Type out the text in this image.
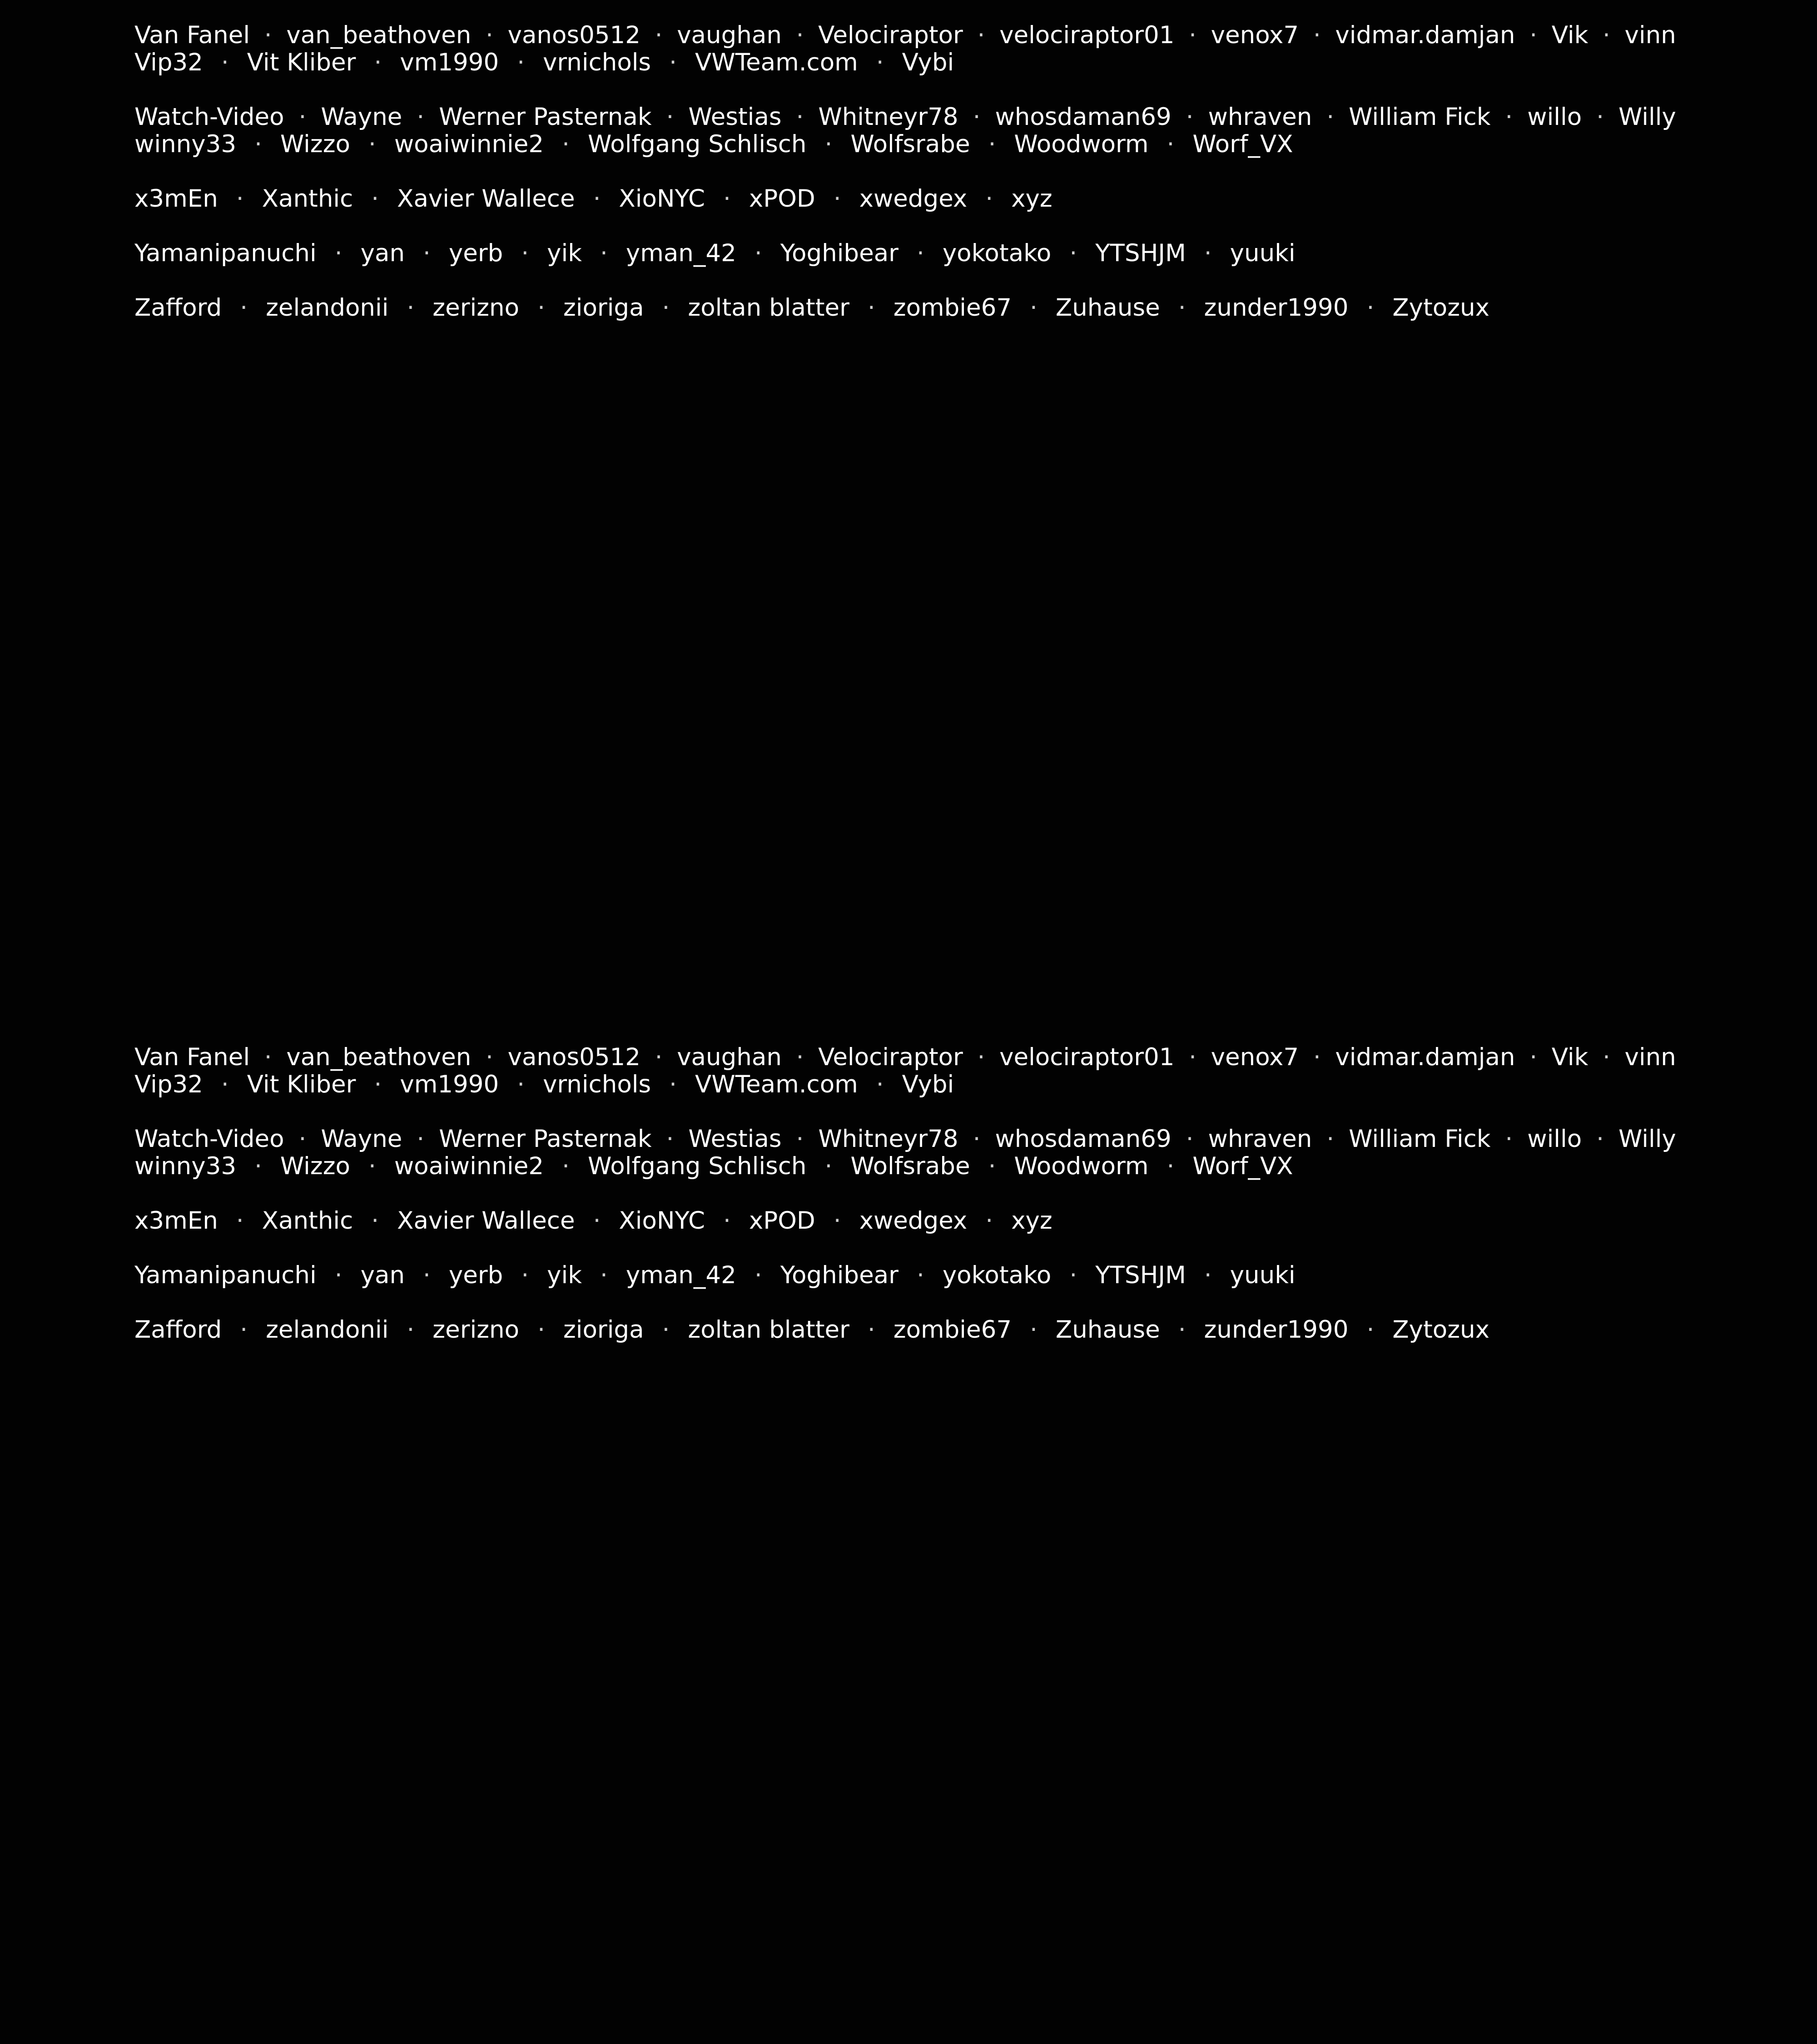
Van Fanel · van_beathoven · vanos0512 · vaughan · Velociraptor · velociraptor01 · venox7 · vidmar.damjan · Vik · vinn
Vip32 · Vit Kliber · vm1990 · vrnichols · VWTeam.com · Vybi
Watch-Video · Wayne · Werner Pasternak · Westias · Whitneyr78 · whosdaman69 · whraven · William Fick · willo · Willy
winny33 · Wizzo · woaiwinnie2 · Wolfgang Schlisch · Wolfsrabe · Woodworm · Worf_VX
x3mEn · Xanthic · Xavier Wallece · XioNYC · xPOD · xwedgex · xyz
Yamanipanuchi · yan · yerb · yik · yman_42 · Yoghibear · yokotako · YTSHJM · yuuki
Zafford · zelandonii · zerizno · zioriga · zoltan blatter · zombie67 · Zuhause · zunder1990 · Zytozux
Van Fanel · van_beathoven · vanos0512 · vaughan · Velociraptor · velociraptor01 · venox7 · vidmar.damjan · Vik · vinn
Vip32 · Vit Kliber · vm1990 · vrnichols · VWTeam.com · Vybi
Watch-Video · Wayne · Werner Pasternak · Westias · Whitneyr78 · whosdaman69 · whraven · William Fick · willo · Willy
winny33 · Wizzo · woaiwinnie2 · Wolfgang Schlisch · Wolfsrabe · Woodworm · Worf_VX
x3mEn · Xanthic · Xavier Wallece · XioNYC · xPOD · xwedgex · xyz
Yamanipanuchi · yan · yerb · yik · yman_42 · Yoghibear · yokotako · YTSHJM · yuuki
Zafford · zelandonii · zerizno · zioriga · zoltan blatter · zombie67 · Zuhause · zunder1990 · Zytozux
